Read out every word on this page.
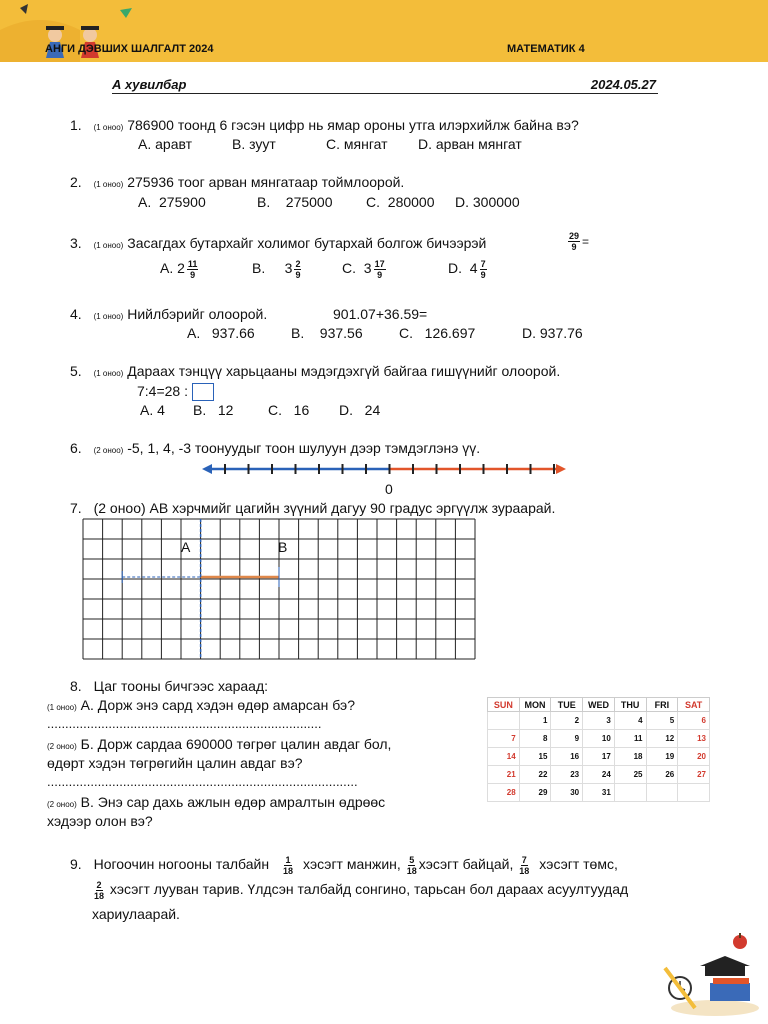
АНГИ ДЭВШИХ ШАЛГАЛТ 2024	МАТЕМАТИК 4
А хувилбар	2024.05.27
1. (1 оноо) 786900 тоонд 6 гэсэн цифр нь ямар ороны утга илэрхийлж байна вэ?
А. аравт	В. зуут	С. мянгат D. арван мянгат
2. (1 оноо) 275936 тоог арван мянгатаар тоймлоорой.
А.  275900	В.    275000 С.  280000 D. 300000
3. (1 оноо) Засагдах бутархайг холимог бутархай болгож бичээрэй	$\frac{29}{9}$ =
А. $2 \frac{11}{9}$	В.     $3 \frac{2}{9}$	С.  $3 \frac{17}{9}$	D.  $4 \frac{7}{9}$
4. (1 оноо) Нийлбэрийг олоорой.	901.07+36.59=
А.   937.66	В.    937.56	С.   126.697	D. 937.76
5. (1 оноо) Дараах тэнцүү харьцааны мэдэгдэхгүй байгаа гишүүнийг олоорой.
7:4=28 :
А. 4 В.   12 С.   16 D.   24
6. (2 оноо) -5, 1, 4, -3 тоонуудыг тоон шулуун дээр тэмдэглэнэ үү.
0
7. (2 оноо) АВ хэрчмийг цагийн зүүний дагуу 90 градус эргүүлж зураарай.
А	В
8. Цаг тооны бичгээс хараад:
(1 оноо) А. Дорж энэ сард хэдэн өдөр амарсан бэ?
............................................................................
(2 оноо) Б. Дорж сардаа 690000 төгрөг цалин авдаг бол,
өдөрт хэдэн төгрөгийн цалин авдаг вэ?
......................................................................................
(2 оноо) В. Энэ сар дахь ажлын өдөр амралтын өдрөөс
хэдээр олон вэ?
SUN	MON	TUE	WED	THU	FRI	SAT
	1	2	3	4	5	6
7	8	9	10	11	12	13
14	15	16	17	18	19	20
21	22	23	24	25	26	27
28	29	30	31			
9. Ногоочин ногооны талбайн $\frac{1}{18}$ хэсэгт манжин, $\frac{5}{18}$ хэсэгт байцай, $\frac{7}{18}$ хэсэгт төмс,
$\frac{2}{18}$ хэсэгт лууван тарив. Үлдсэн талбайд сонгино, тарьсан бол дараах асуултуудад
хариулаарай.
